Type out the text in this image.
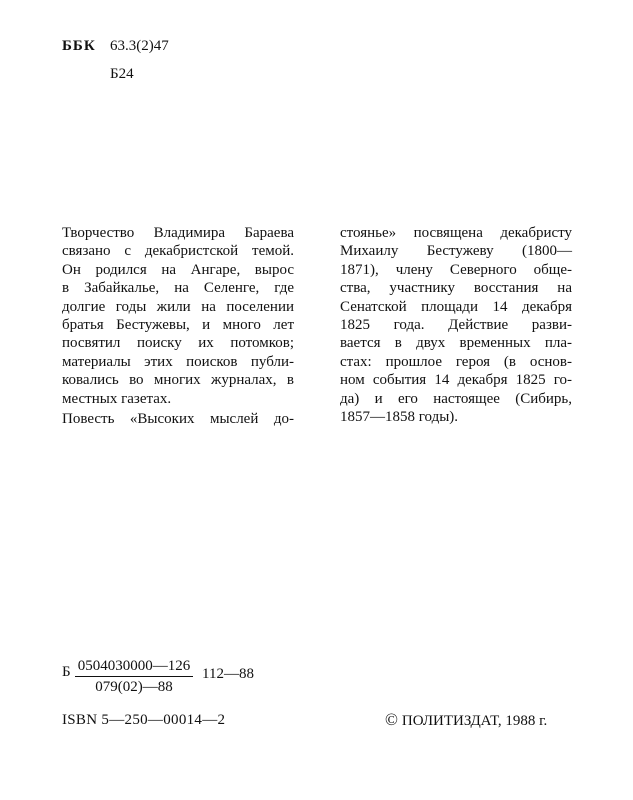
ББК 63.3(2)47
Б24
Творчество Владимира Бараева
связано с декабристской темой.
Он родился на Ангаре, вырос
в Забайкалье, на Селенге, где
долгие годы жили на поселении
братья Бестужевы, и много лет
посвятил поиску их потомков;
материалы этих поисков публи-
ковались во многих журналах, в
местных газетах.
Повесть «Высоких мыслей до-
стоянье» посвящена декабристу
Михаилу Бестужеву (1800—
1871), члену Северного обще-
ства, участнику восстания на
Сенатской площади 14 декабря
1825 года. Действие разви-
вается в двух временных пла-
стах: прошлое героя (в основ-
ном события 14 декабря 1825 го-
да) и его настоящее (Сибирь,
1857—1858 годы).
Б $\frac{0504030000—126}{079(02)—88}$ 112—88
ISBN 5—250—00014—2	© ПОЛИТИЗДАТ, 1988 г.
